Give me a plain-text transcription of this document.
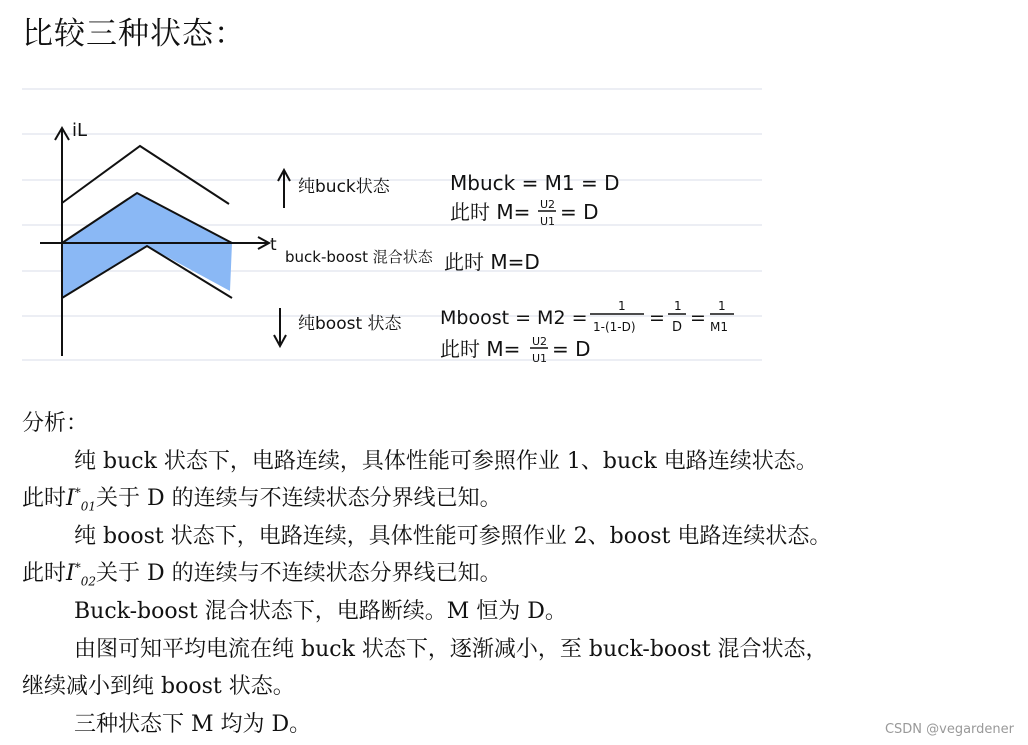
比较三种状态：
iL
t
纯buck状态
buck-boost 混合状态
纯boost 状态
Mbuck = M1 = D
此时 M= U2
U1 = D
此时 M=D
Mboost = M2 =
1
1-(1-D) =
1
D =
1
M1
此时 M= U2
U1 = D
分析：
纯 buck 状态下，电路连续，具体性能可参照作业 1、buck 电路连续状态。
此时$I^*_{01}$关于 D 的连续与不连续状态分界线已知。
纯 boost 状态下，电路连续，具体性能可参照作业 2、boost 电路连续状态。
此时$I^*_{02}$关于 D 的连续与不连续状态分界线已知。
Buck-boost 混合状态下，电路断续。M 恒为 D。
由图可知平均电流在纯 buck 状态下，逐渐减小，至 buck-boost 混合状态，
继续减小到纯 boost 状态。
三种状态下 M 均为 D。	CSDN @vegardener
